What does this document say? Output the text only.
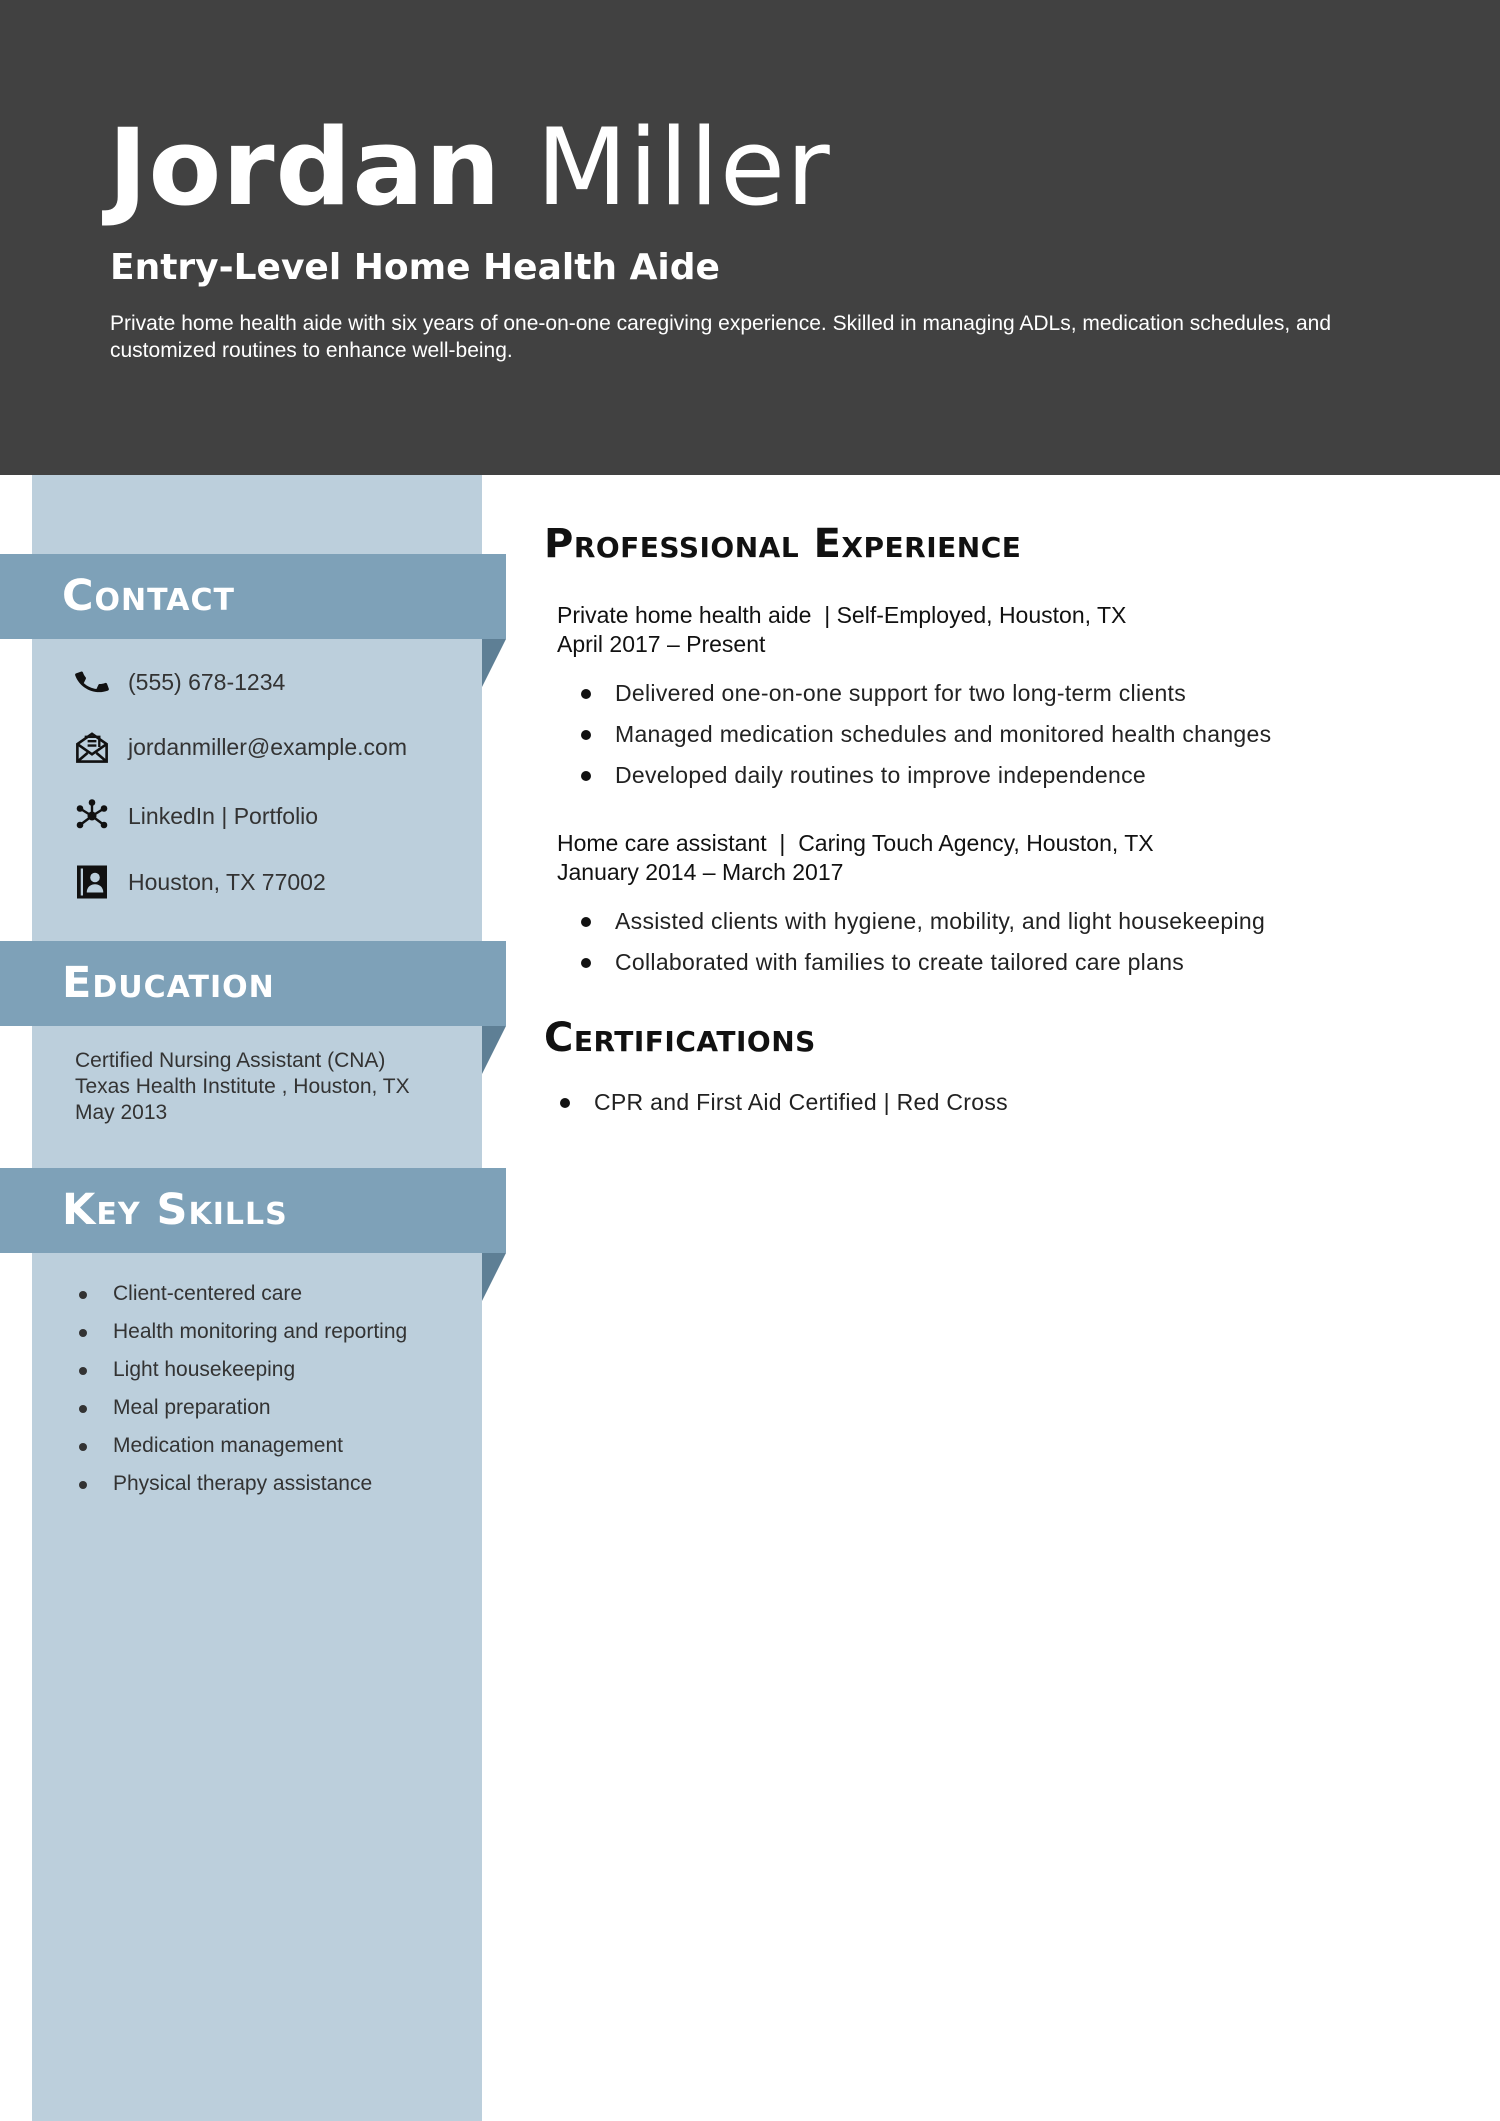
Jordan Miller
Entry-Level Home Health Aide

Private home health aide with six years of one-on-one caregiving experience. Skilled in managing ADLs, medication schedules, and customized routines to enhance well-being.

Contact
(555) 678-1234
jordanmiller@example.com
LinkedIn | Portfolio
Houston, TX 77002
Education
Certified Nursing Assistant (CNA)
Texas Health Institute , Houston, TX
May 2013
Key Skills
Client-centered care
Health monitoring and reporting
Light housekeeping
Meal preparation
Medication management
Physical therapy assistance
Professional Experience
Private home health aide  | Self-Employed, Houston, TX
April 2017 – Present
Delivered one-on-one support for two long-term clients
Managed medication schedules and monitored health changes
Developed daily routines to improve independence
Home care assistant  |  Caring Touch Agency, Houston, TX
January 2014 – March 2017
Assisted clients with hygiene, mobility, and light housekeeping
Collaborated with families to create tailored care plans
Certifications
CPR and First Aid Certified | Red Cross
